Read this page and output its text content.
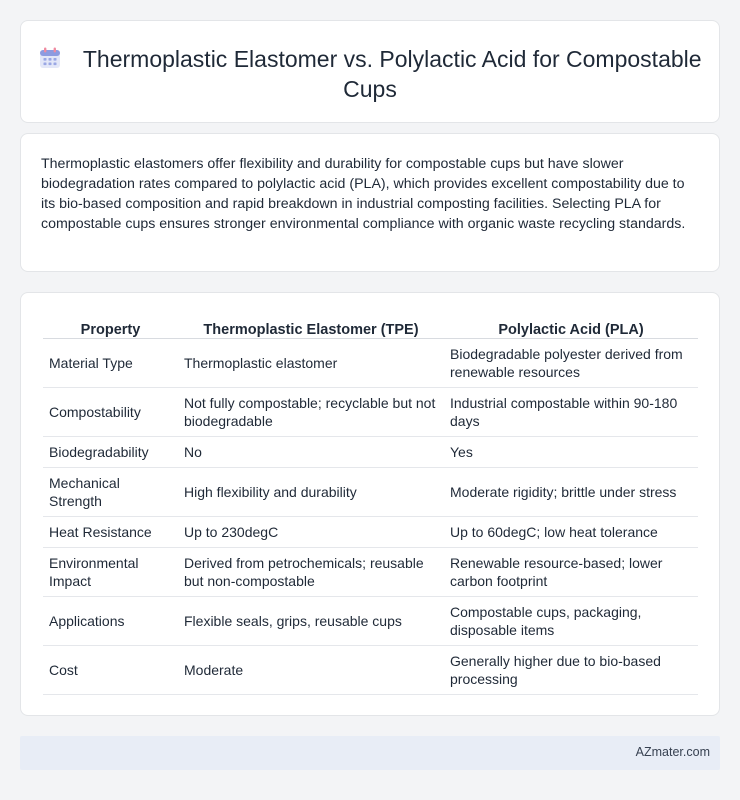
Thermoplastic Elastomer vs. Polylactic Acid for Compostable Cups

Thermoplastic elastomers offer flexibility and durability for compostable cups but have slower biodegradation rates compared to polylactic acid (PLA), which provides excellent compostability due to its bio-based composition and rapid breakdown in industrial composting facilities. Selecting PLA for compostable cups ensures stronger environmental compliance with organic waste recycling standards.

Property	Thermoplastic Elastomer (TPE)	Polylactic Acid (PLA)
Material Type	Thermoplastic elastomer	Biodegradable polyester derived from renewable resources
Compostability	Not fully compostable; recyclable but not biodegradable	Industrial compostable within 90-180 days
Biodegradability	No	Yes
Mechanical Strength	High flexibility and durability	Moderate rigidity; brittle under stress
Heat Resistance	Up to 230degC	Up to 60degC; low heat tolerance
Environmental Impact	Derived from petrochemicals; reusable but non-compostable	Renewable resource-based; lower carbon footprint
Applications	Flexible seals, grips, reusable cups	Compostable cups, packaging, disposable items
Cost	Moderate	Generally higher due to bio-based processing
AZmater.com
